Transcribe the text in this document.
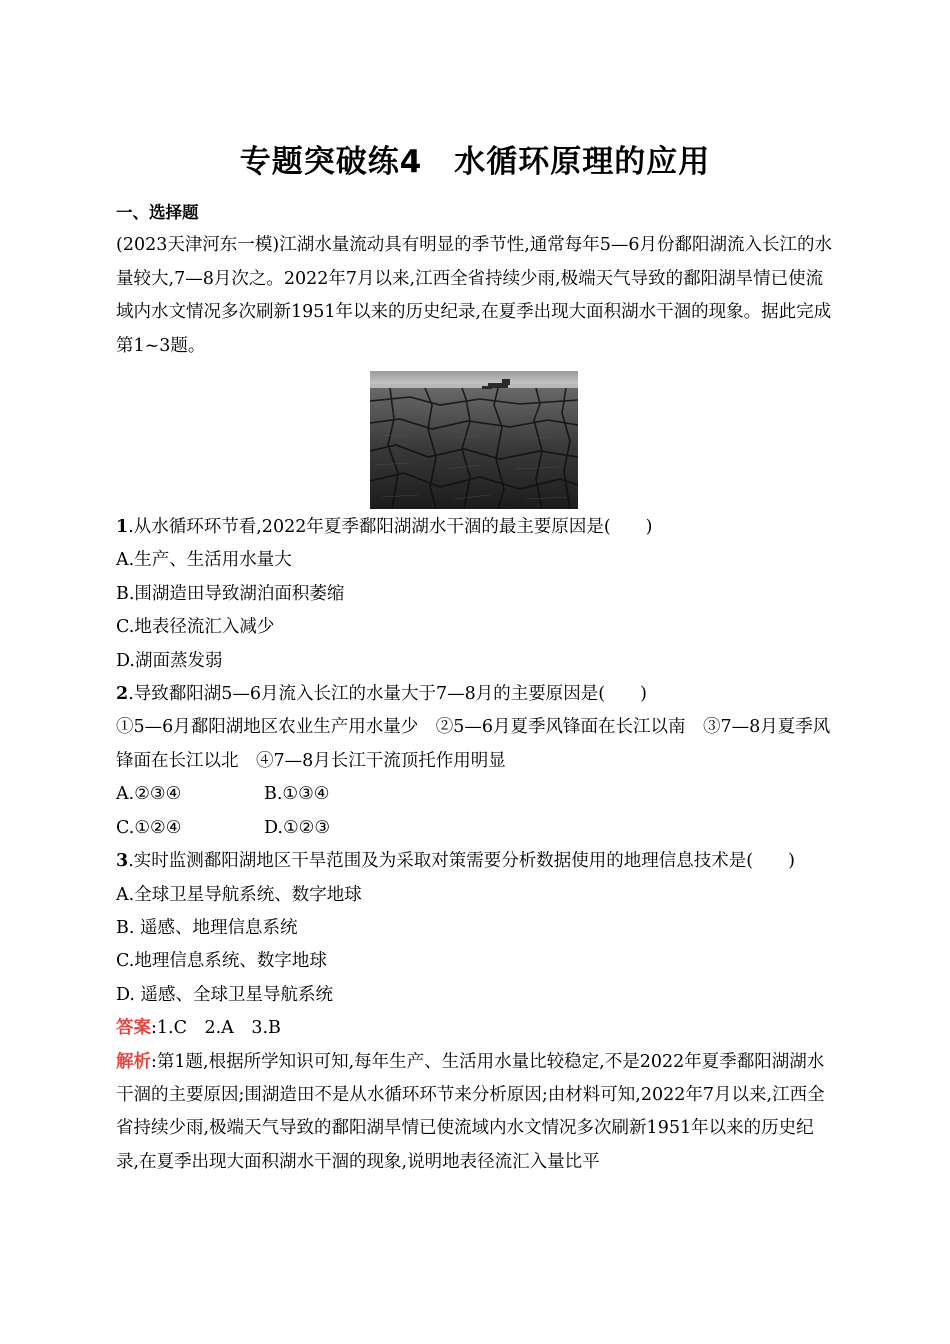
专题突破练4　水循环原理的应用

一、选择题

(2023天津河东一模)江湖水量流动具有明显的季节性,通常每年5—6月份鄱阳湖流入长江的水量较大,7—8月次之。2022年7月以来,江西全省持续少雨,极端天气导致的鄱阳湖旱情已使流域内水文情况多次刷新1951年以来的历史纪录,在夏季出现大面积湖水干涸的现象。据此完成第1~3题。

1.从水循环环节看,2022年夏季鄱阳湖湖水干涸的最主要原因是(　　)

A.生产、生活用水量大

B.围湖造田导致湖泊面积萎缩

C.地表径流汇入减少

D.湖面蒸发弱

2.导致鄱阳湖5—6月流入长江的水量大于7—8月的主要原因是(　　)

①5—6月鄱阳湖地区农业生产用水量少　②5—6月夏季风锋面在长江以南　③7—8月夏季风锋面在长江以北　④7—8月长江干流顶托作用明显

A.②③④	B.①③④

C.①②④	D.①②③

3.实时监测鄱阳湖地区干旱范围及为采取对策需要分析数据使用的地理信息技术是(　　)

A.全球卫星导航系统、数字地球

B. 遥感、地理信息系统

C.地理信息系统、数字地球

D. 遥感、全球卫星导航系统

答案:1.C　2.A　3.B

解析:第1题,根据所学知识可知,每年生产、生活用水量比较稳定,不是2022年夏季鄱阳湖湖水干涸的主要原因;围湖造田不是从水循环环节来分析原因;由材料可知,2022年7月以来,江西全省持续少雨,极端天气导致的鄱阳湖旱情已使流域内水文情况多次刷新1951年以来的历史纪录,在夏季出现大面积湖水干涸的现象,说明地表径流汇入量比平
